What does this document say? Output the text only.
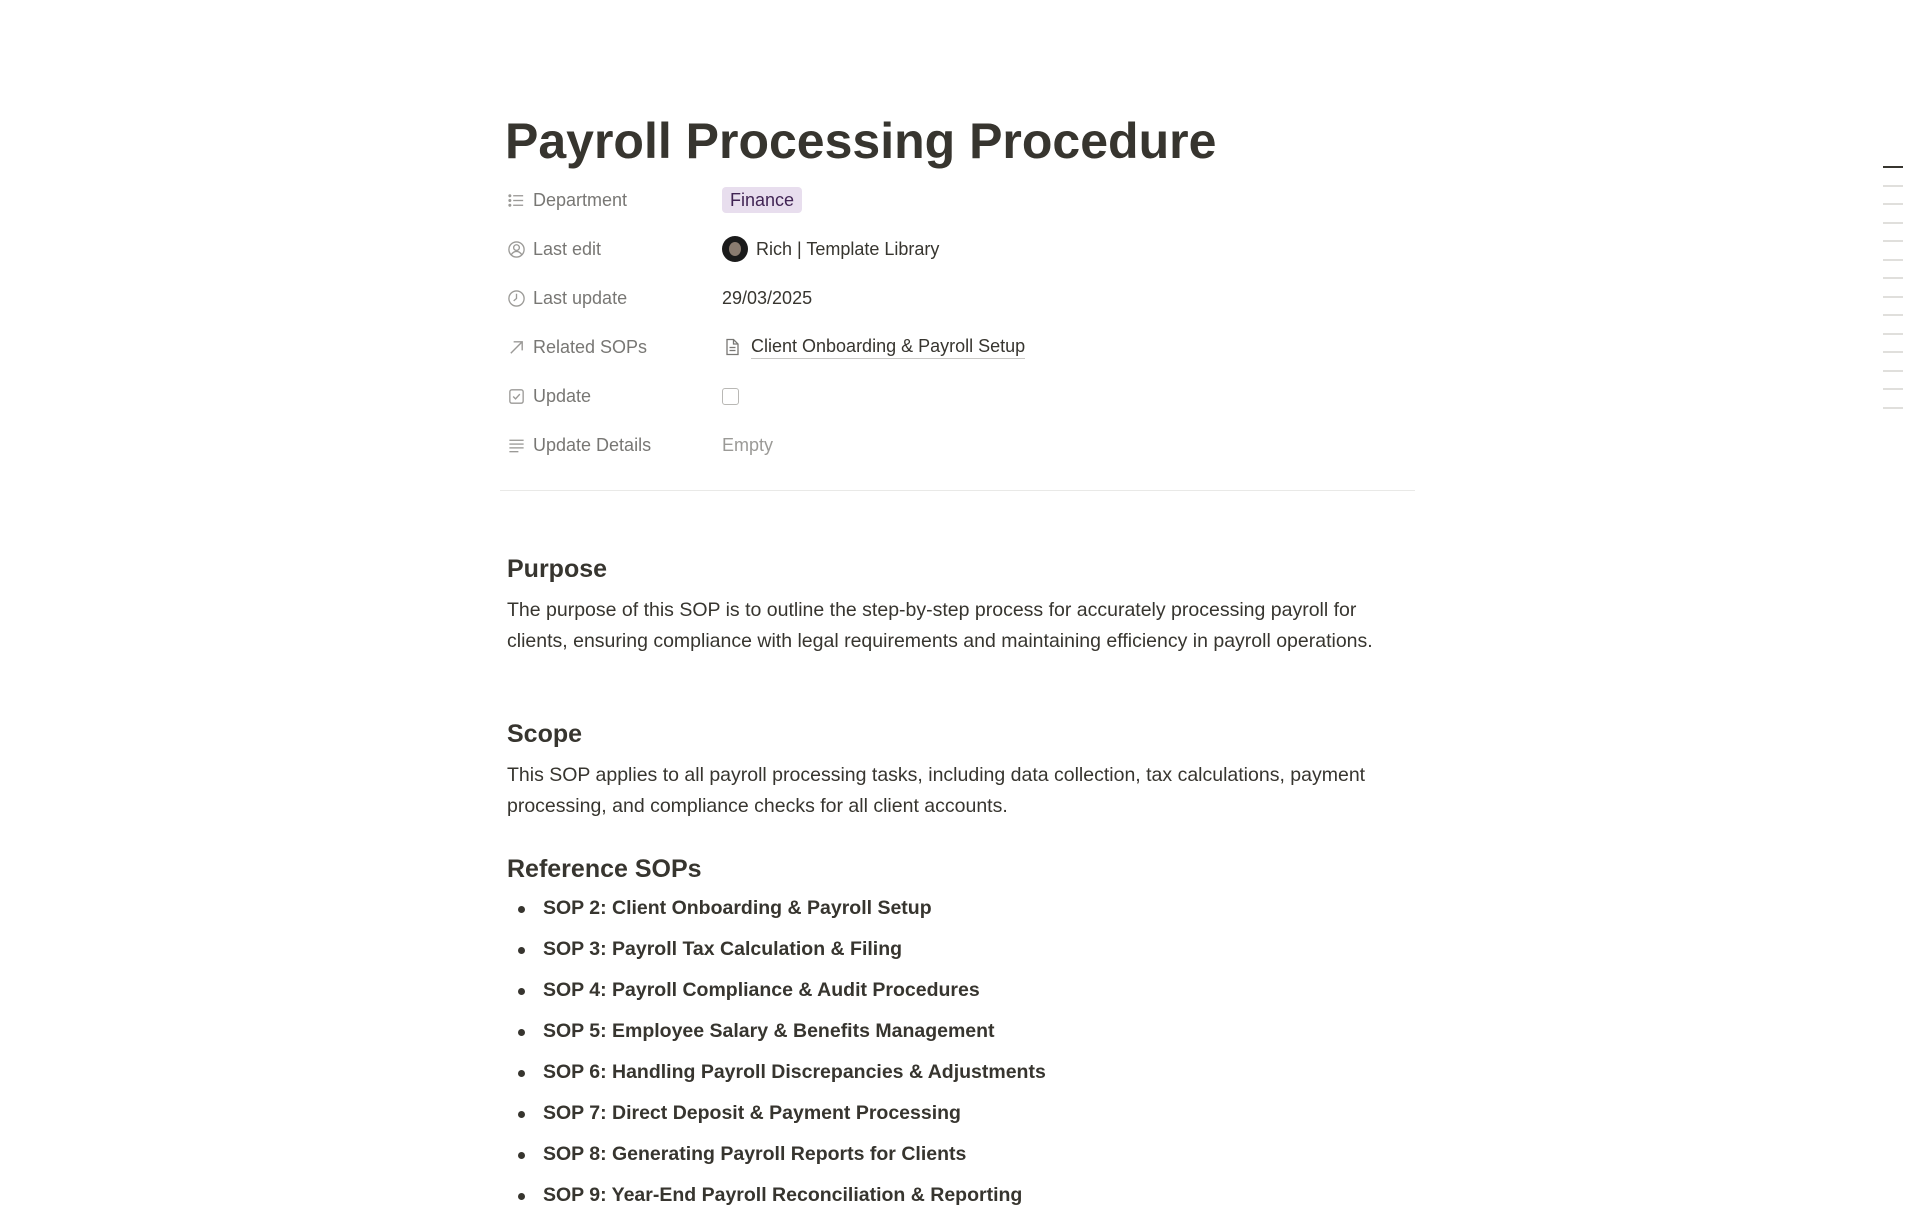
Payroll Processing Procedure
Department	Finance
Last edit	Rich | Template Library
Last update	29/03/2025
Related SOPs	Client Onboarding & Payroll Setup
Update
Update Details	Empty
Purpose

The purpose of this SOP is to outline the step-by-step process for accurately processing payroll for clients, ensuring compliance with legal requirements and maintaining efficiency in payroll operations.

Scope

This SOP applies to all payroll processing tasks, including data collection, tax calculations, payment processing, and compliance checks for all client accounts.

Reference SOPs
SOP 2: Client Onboarding & Payroll Setup
SOP 3: Payroll Tax Calculation & Filing
SOP 4: Payroll Compliance & Audit Procedures
SOP 5: Employee Salary & Benefits Management
SOP 6: Handling Payroll Discrepancies & Adjustments
SOP 7: Direct Deposit & Payment Processing
SOP 8: Generating Payroll Reports for Clients
SOP 9: Year-End Payroll Reconciliation & Reporting
